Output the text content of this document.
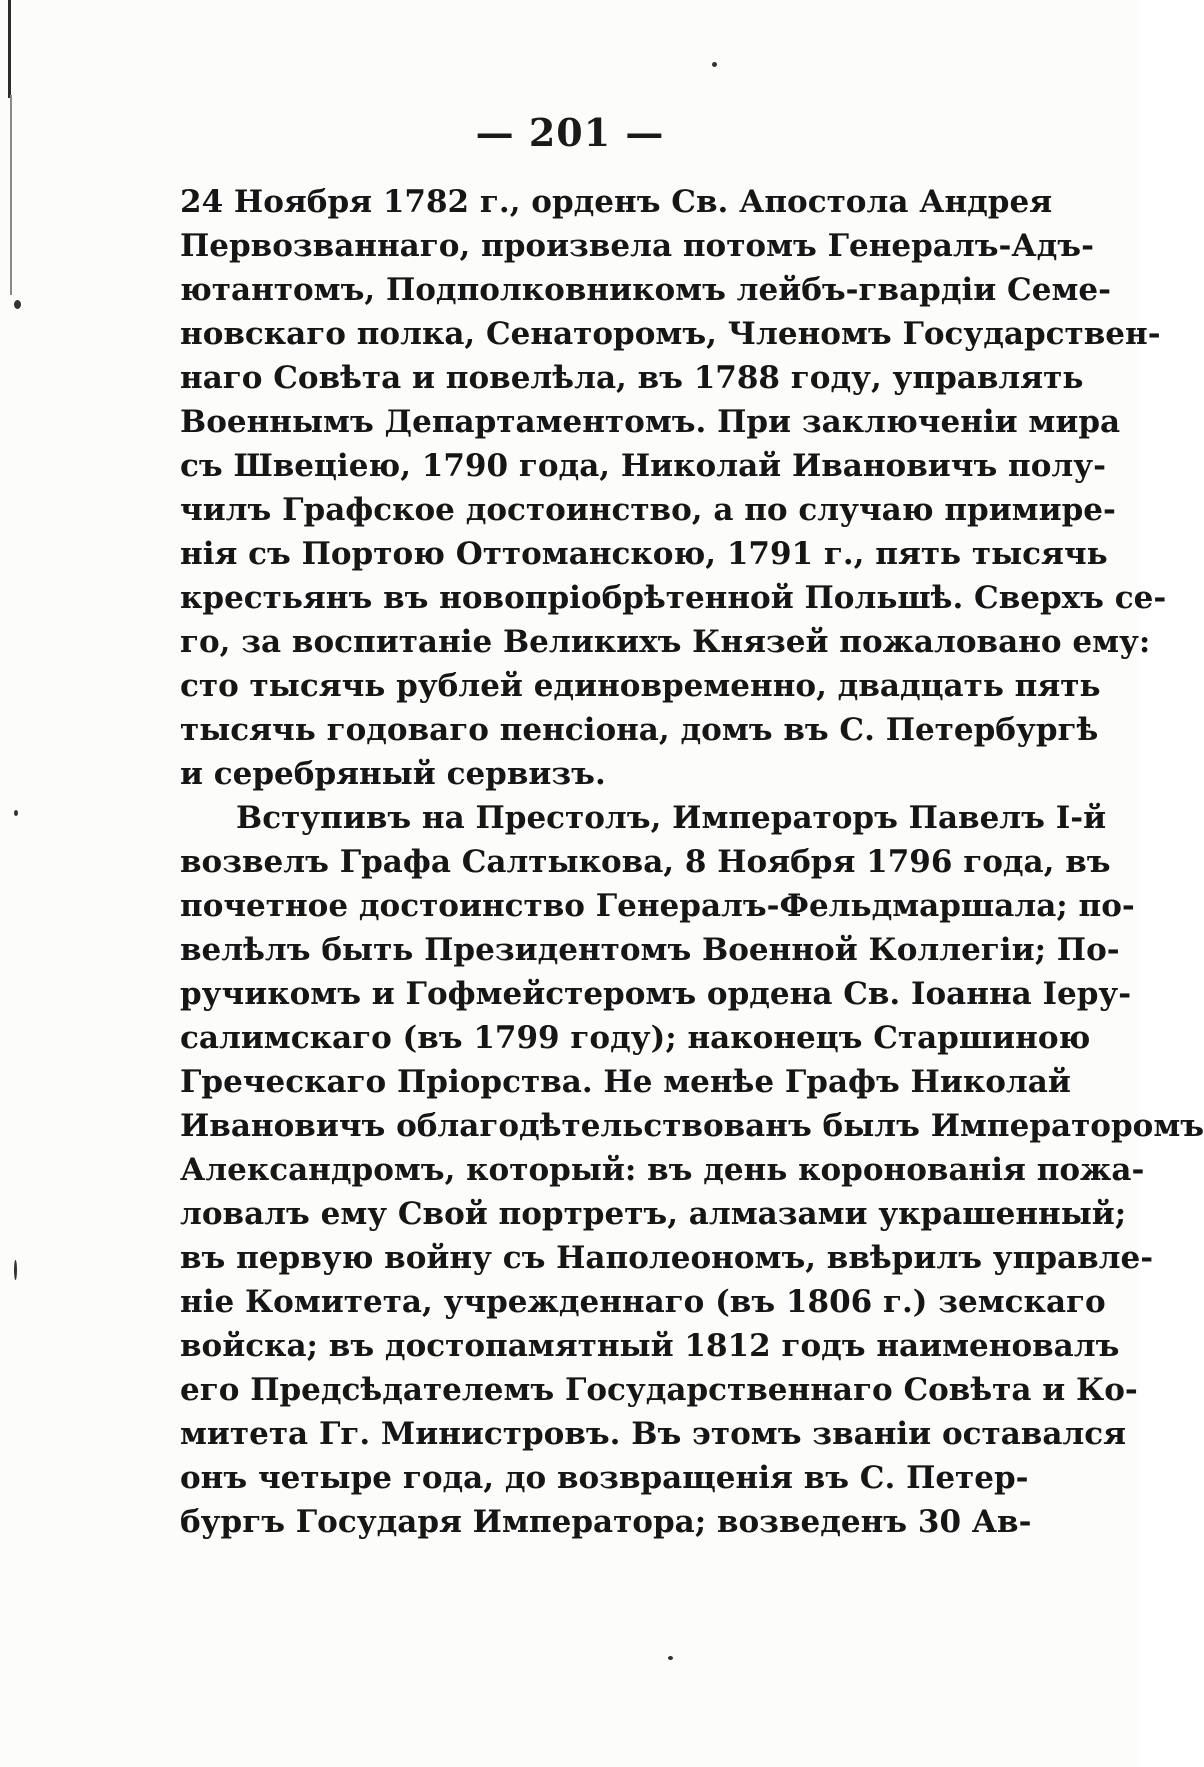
— 201 —
24 Ноября 1782 г., орденъ Св. Апостола Андрея
Первозваннаго, произвела потомъ Генералъ-Адъ-
ютантомъ, Подполковникомъ лейбъ-гвардіи Семе-
новскаго полка, Сенаторомъ, Членомъ Государствен-
наго Совѣта и повелѣла, въ 1788 году, управлять
Военнымъ Департаментомъ. При заключеніи мира
съ Швеціею, 1790 года, Николай Ивановичъ полу-
чилъ Графское достоинство, а по случаю примире-
нія съ Портою Оттоманскою, 1791 г., пять тысячь
крестьянъ въ новопріобрѣтенной Польшѣ. Сверхъ се-
го, за воспитаніе Великихъ Князей пожаловано ему:
сто тысячь рублей единовременно, двадцать пять
тысячь годоваго пенсіона, домъ въ С. Петербургѣ
и серебряный сервизъ.
Вступивъ на Престолъ, Императоръ Павелъ I-й
возвелъ Графа Салтыкова, 8 Ноября 1796 года, въ
почетное достоинство Генералъ-Фельдмаршала; по-
велѣлъ быть Президентомъ Военной Коллегіи; По-
ручикомъ и Гофмейстеромъ ордена Св. Іоанна Іеру-
салимскаго (въ 1799 году); наконецъ Старшиною
Греческаго Пріорства. Не менѣе Графъ Николай
Ивановичъ облагодѣтельствованъ былъ Императоромъ
Александромъ, который: въ день коронованія пожа-
ловалъ ему Свой портретъ, алмазами украшенный;
въ первую войну съ Наполеономъ, ввѣрилъ управле-
ніе Комитета, учрежденнаго (въ 1806 г.) земскаго
войска; въ достопамятный 1812 годъ наименовалъ
его Предсѣдателемъ Государственнаго Совѣта и Ко-
митета Гг. Министровъ. Въ этомъ званіи оставался
онъ четыре года, до возвращенія въ С. Петер-
бургъ Государя Императора; возведенъ 30 Ав-
